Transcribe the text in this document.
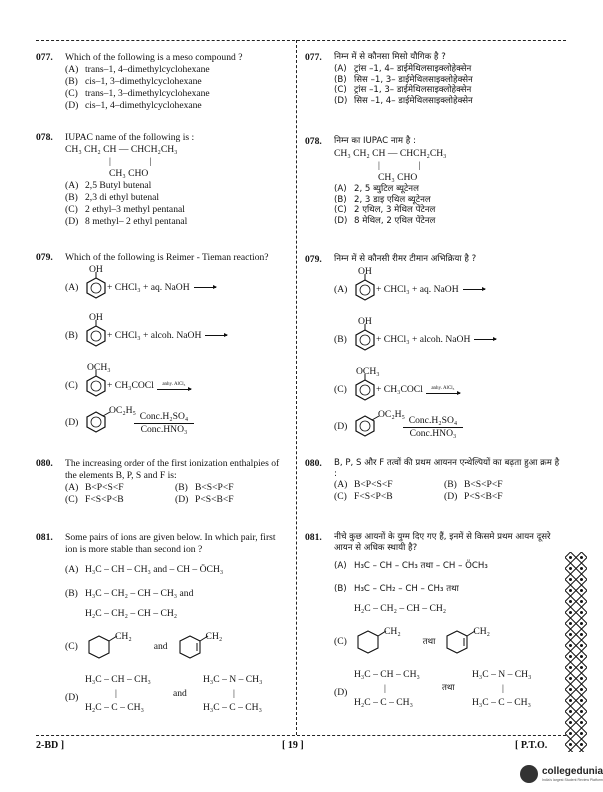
077.	Which of the following is a meso compound ?
(A) trans–1, 4–dimethylcyclohexane
(B) cis–1, 3–dimethylcyclohexane
(C) trans–1, 3–dimethylcyclohexane
(D) cis–1, 4–dimethylcyclohexane
078.	IUPAC name of the following is :
CH₃ CH₂ CH — CHCH₂CH₃
| |
CH₃ CHO
(A) 2,5 Butyl butenal
(B) 2,3 di ethyl butenal
(C) 2 ethyl–3 methyl pentanal
(D) 8 methyl– 2 ethyl pentanal
079.	Which of the following is Reimer - Tieman reaction?
OH
(A)	+ CHCl₃ + aq. NaOH
OH
(B)	+ CHCl₃ + alcoh. NaOH
OCH₃
(C)	+ CH₃COCl anhy. AlCl₃
(D)
OC₂H₅
Conc.H₂SO₄
Conc.HNO₃
080.	The increasing order of the first ionization enthalpies of the elements B, P, S and F is:
(A) B<P<S<F	(B) B<S<P<F
(C) F<S<P<B	(D) P<S<B<F
081.	Some pairs of ions are given below. In which pair, first ion is more stable than second ion ?
(A) H₃C – CH – CH₃ and – CH – ÖCH₃
(B) H₃C – CH₂ – CH – CH₃ and
H₂C – CH₂ – CH – CH₂
(C)
CH₂
and
CH₂
(D)
H₃C – CH – CH₃	H₃C – N – CH₃
|	and	|
H₂C – C – CH₃	H₃C – C – CH₃
077.	निम्न में से कौनसा मिसो यौगिक है ?
(A) ट्रांस –1, 4– डाईमेथिलसाइक्लोहेक्सेन
(B) सिस –1, 3– डाईमेथिलसाइक्लोहेक्सेन
(C) ट्रांस –1, 3– डाईमेथिलसाइक्लोहेक्सेन
(D) सिस –1, 4– डाईमेथिलसाइक्लोहेक्सेन
078.	निम्न का IUPAC नाम है :
CH₃ CH₂ CH — CHCH₂CH₃
| |
CH₃ CHO
(A) 2, 5 ब्युटिल ब्यूटेनल
(B) 2, 3 डाइ एथिल ब्यूटेनल
(C) 2 एथिल, 3 मेथिल पेंटेनल
(D) 8 मेथिल, 2 एथिल पेंटेनल
079.	निम्न में से कौनसी रीमर टीमान अभिक्रिया है ?
OH
(A)	+ CHCl₃ + aq. NaOH
OH
(B)	+ CHCl₃ + alcoh. NaOH
OCH₃
(C)	+ CH₃COCl anhy. AlCl₃
(D)
OC₂H₅
Conc.H₂SO₄
Conc.HNO₃
080.	B, P, S और F तत्वों की प्रथम आयनन एन्थेल्पियों का बढ़ता हुआ क्रम है :
(A) B<P<S<F	(B) B<S<P<F
(C) F<S<P<B	(D) P<S<B<F
081.	नीचे कुछ आयनों के युग्म दिए गए हैं, इनमें से किसमे प्रथम आयन दूसरे आयन से अधिक स्थायी है?
(A) H₃C – CH – CH₃ तथा – CH – ÖCH₃
(B) H₃C – CH₂ – CH – CH₃ तथा
H₂C – CH₂ – CH – CH₂
(C)
CH₂
तथा
CH₂
(D)
H₃C – CH – CH₃	H₃C – N – CH₃
|	तथा	|
H₂C – C – CH₃	H₃C – C – CH₃
2-BD ]	[ 19 ]	[ P.T.O.
collegedunia
India's largest Student Review Platform
